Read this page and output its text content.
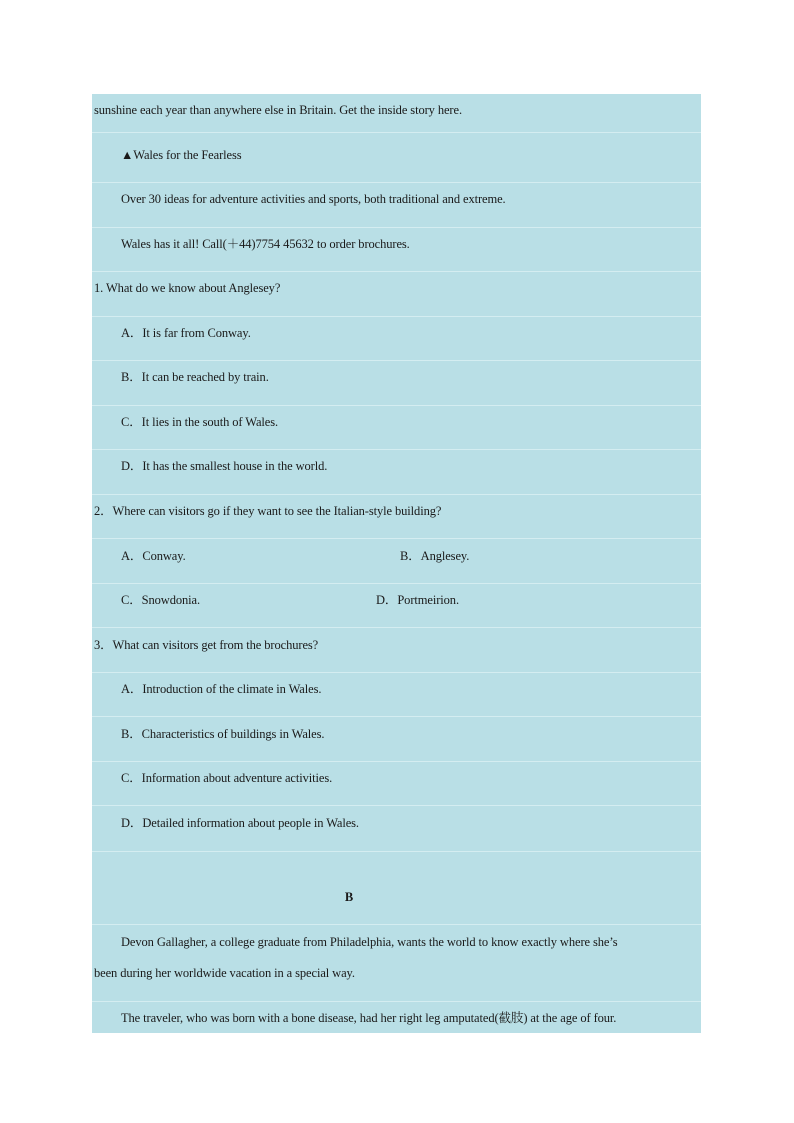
sunshine each year than anywhere else in Britain. Get the inside story here.
▲Wales for the Fearless
Over 30 ideas for adventure activities and sports, both traditional and extreme.
Wales has it all! Call(＋44)7754 45632 to order brochures.
1. What do we know about Anglesey?
A．It is far from Conway.
B．It can be reached by train.
C．It lies in the south of Wales.
D．It has the smallest house in the world.
2．Where can visitors go if they want to see the Italian-style building?
A．Conway.	B．Anglesey.
C．Snowdonia.	D．Portmeirion.
3．What can visitors get from the brochures?
A．Introduction of the climate in Wales.
B．Characteristics of buildings in Wales.
C．Information about adventure activities.
D．Detailed information about people in Wales.
B
Devon Gallagher, a college graduate from Philadelphia, wants the world to know exactly where she’s
been during her worldwide vacation in a special way.
The traveler, who was born with a bone disease, had her right leg amputated(截肢) at the age of four.
